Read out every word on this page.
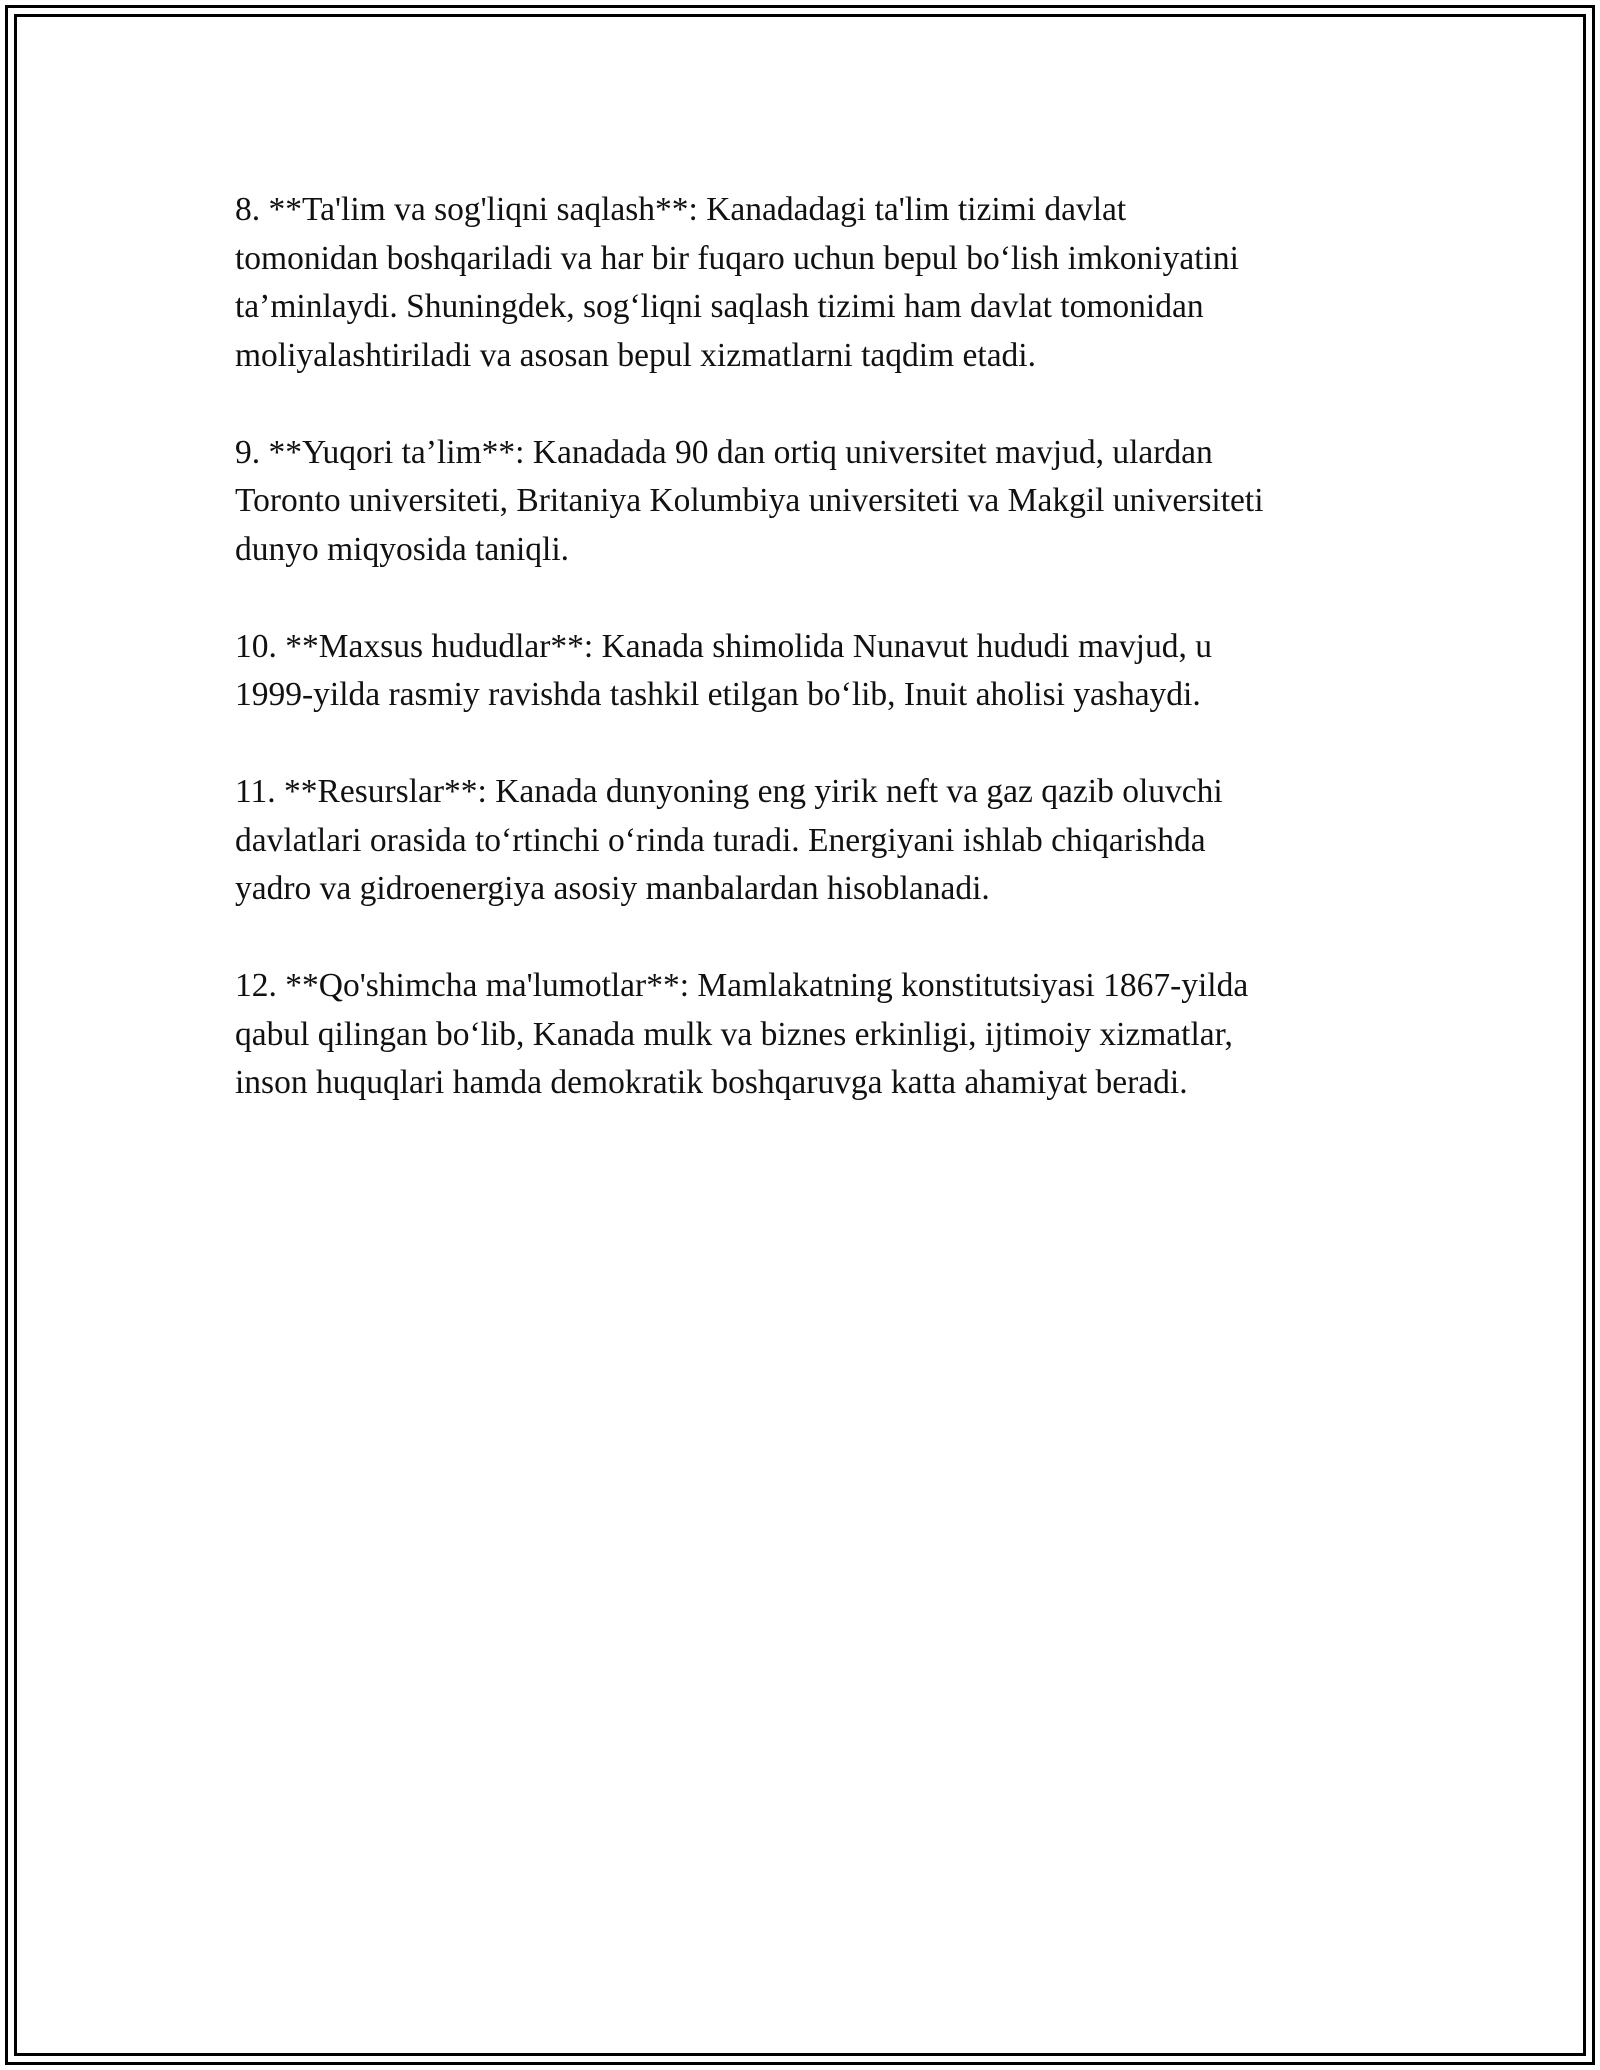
8. **Ta'lim va sog'liqni saqlash**: Kanadadagi ta'lim tizimi davlat
tomonidan boshqariladi va har bir fuqaro uchun bepul boʻlish imkoniyatini
ta’minlaydi. Shuningdek, sogʻliqni saqlash tizimi ham davlat tomonidan
moliyalashtiriladi va asosan bepul xizmatlarni taqdim etadi.

9. **Yuqori ta’lim**: Kanadada 90 dan ortiq universitet mavjud, ulardan
Toronto universiteti, Britaniya Kolumbiya universiteti va Makgil universiteti
dunyo miqyosida taniqli.

10. **Maxsus hududlar**: Kanada shimolida Nunavut hududi mavjud, u
1999-yilda rasmiy ravishda tashkil etilgan boʻlib, Inuit aholisi yashaydi.

11. **Resurslar**: Kanada dunyoning eng yirik neft va gaz qazib oluvchi
davlatlari orasida toʻrtinchi oʻrinda turadi. Energiyani ishlab chiqarishda
yadro va gidroenergiya asosiy manbalardan hisoblanadi.

12. **Qo'shimcha ma'lumotlar**: Mamlakatning konstitutsiyasi 1867-yilda
qabul qilingan boʻlib, Kanada mulk va biznes erkinligi, ijtimoiy xizmatlar,
inson huquqlari hamda demokratik boshqaruvga katta ahamiyat beradi.
